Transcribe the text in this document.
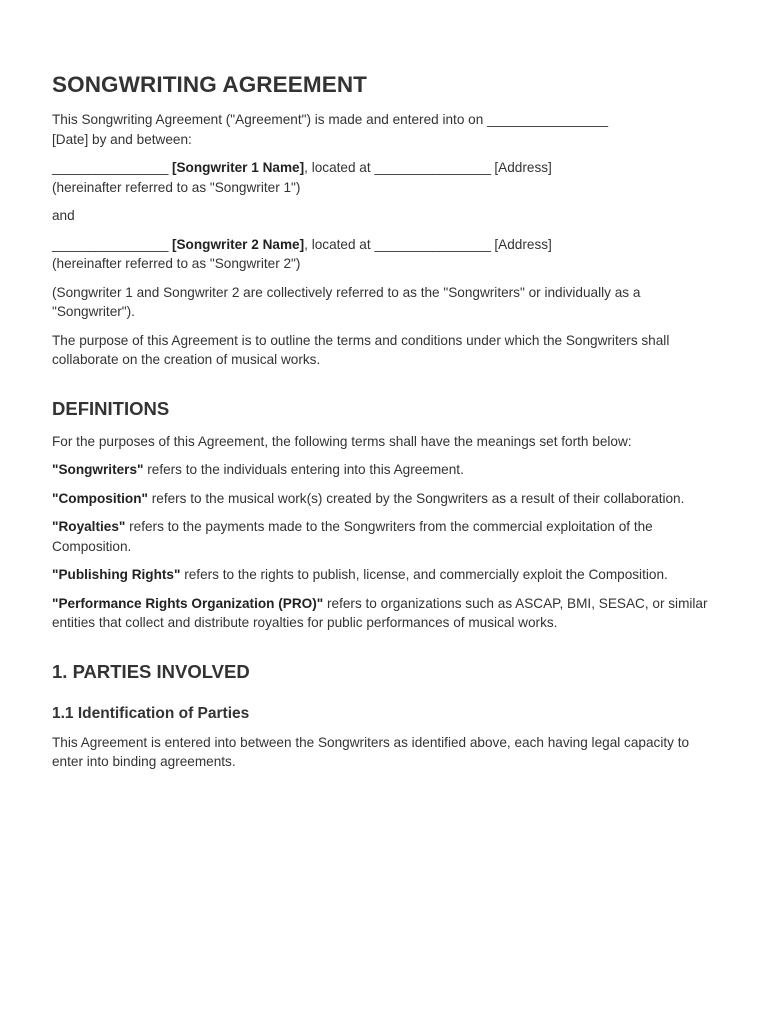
SONGWRITING AGREEMENT

This Songwriting Agreement ("Agreement") is made and entered into on ________________
[Date] by and between:

________________ [Songwriter 1 Name], located at ________________ [Address]
(hereinafter referred to as "Songwriter 1")

and

________________ [Songwriter 2 Name], located at ________________ [Address]
(hereinafter referred to as "Songwriter 2")

(Songwriter 1 and Songwriter 2 are collectively referred to as the "Songwriters" or individually as a "Songwriter").

The purpose of this Agreement is to outline the terms and conditions under which the Songwriters shall collaborate on the creation of musical works.

DEFINITIONS

For the purposes of this Agreement, the following terms shall have the meanings set forth below:

"Songwriters" refers to the individuals entering into this Agreement.

"Composition" refers to the musical work(s) created by the Songwriters as a result of their collaboration.

"Royalties" refers to the payments made to the Songwriters from the commercial exploitation of the Composition.

"Publishing Rights" refers to the rights to publish, license, and commercially exploit the Composition.

"Performance Rights Organization (PRO)" refers to organizations such as ASCAP, BMI, SESAC, or similar entities that collect and distribute royalties for public performances of musical works.

1. PARTIES INVOLVED
1.1 Identification of Parties

This Agreement is entered into between the Songwriters as identified above, each having legal capacity to enter into binding agreements.
